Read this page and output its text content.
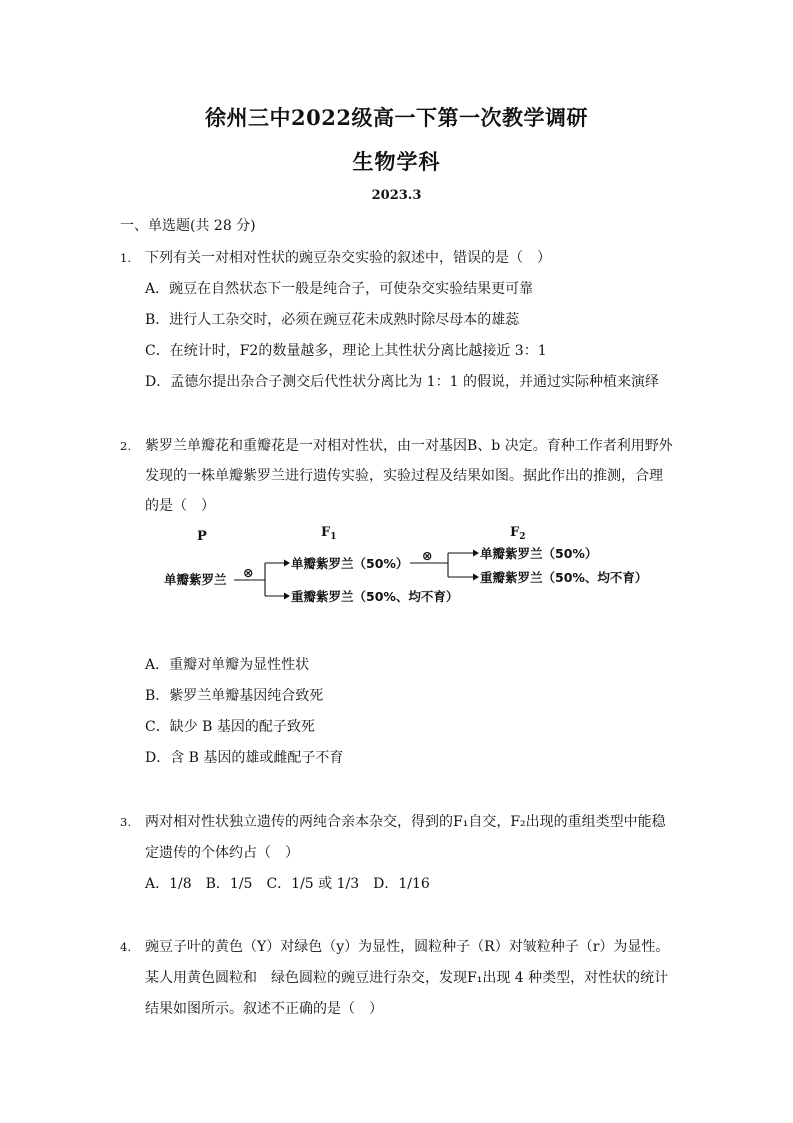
徐州三中2022级高一下第一次教学调研
生物学科
2023.3
一、单选题(共 28 分)
1. 下列有关一对相对性状的豌豆杂交实验的叙述中，错误的是（　）
A．豌豆在自然状态下一般是纯合子，可使杂交实验结果更可靠
B．进行人工杂交时，必须在豌豆花未成熟时除尽母本的雄蕊
C．在统计时，F2的数量越多，理论上其性状分离比越接近 3：1
D．孟德尔提出杂合子测交后代性状分离比为 1：1 的假说，并通过实际种植来演绎
2. 紫罗兰单瓣花和重瓣花是一对相对性状，由一对基因B、b 决定。育种工作者利用野外
发现的一株单瓣紫罗兰进行遗传实验，实验过程及结果如图。据此作出的推测，合理
的是（　）
P	$F_1$	$F_2$
单瓣紫罗兰 ⊗
单瓣紫罗兰（50%）
重瓣紫罗兰（50%、均不育）
⊗	单瓣紫罗兰（50%）
重瓣紫罗兰（50%、均不育）
A．重瓣对单瓣为显性性状
B．紫罗兰单瓣基因纯合致死
C．缺少 B 基因的配子致死
D．含 B 基因的雄或雌配子不育
3. 两对相对性状独立遗传的两纯合亲本杂交，得到的F₁自交，F₂出现的重组类型中能稳
定遗传的个体约占（　）
A．1/8　B．1/5　C．1/5 或 1/3　D．1/16
4. 豌豆子叶的黄色（Y）对绿色（y）为显性，圆粒种子（R）对皱粒种子（r）为显性。
某人用黄色圆粒和　绿色圆粒的豌豆进行杂交，发现F₁出现 4 种类型，对性状的统计
结果如图所示。叙述不正确的是（　）
